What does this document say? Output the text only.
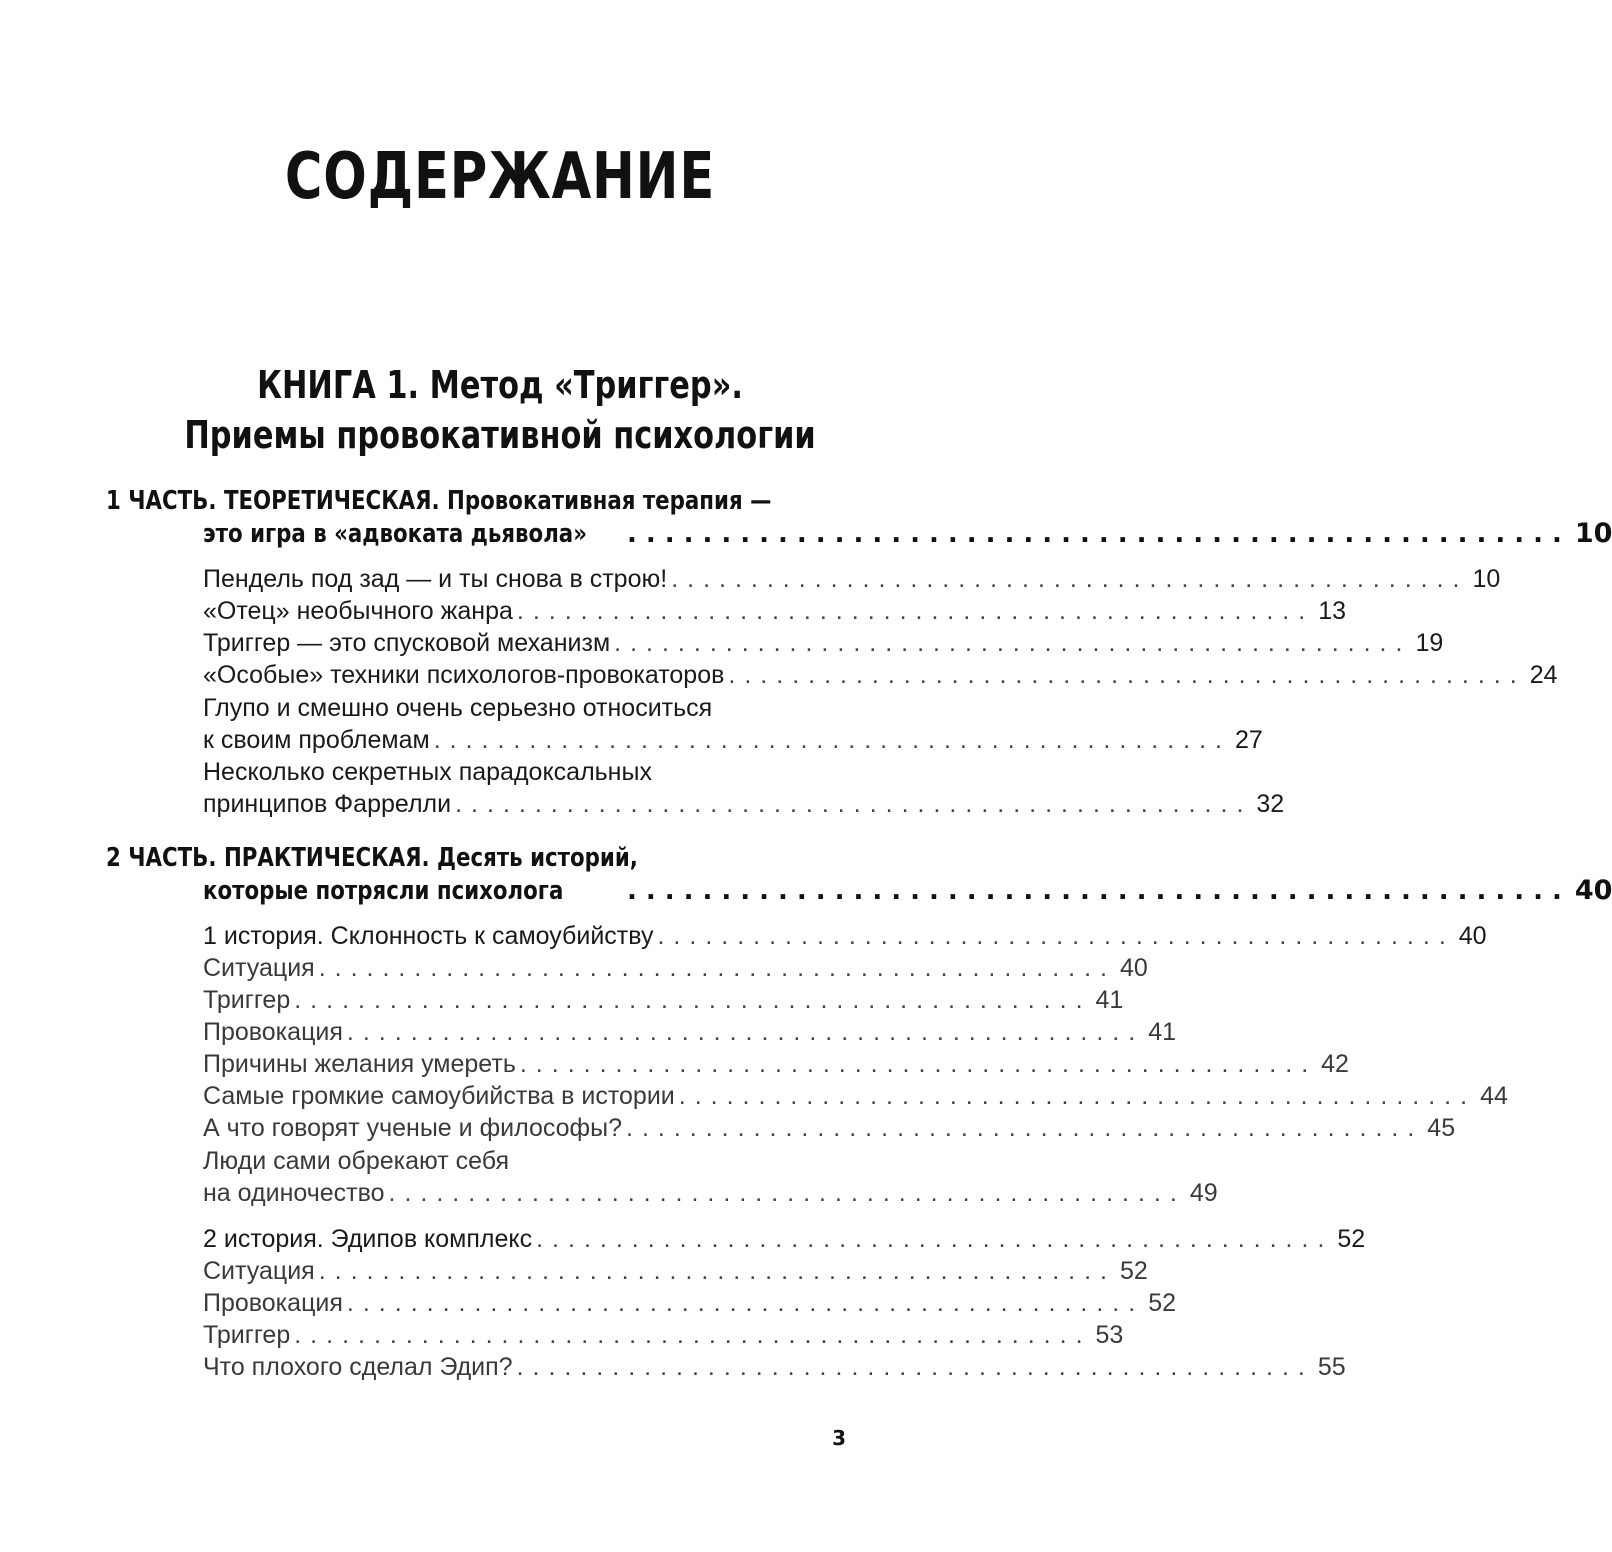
СОДЕРЖАНИЕ
КНИГА 1. Метод «Триггер».
Приемы провокативной психологии
1 ЧАСТЬ. ТЕОРЕТИЧЕСКАЯ. Провокативная терапия —
это игра в «адвоката дьявола» .................................................. 10
Пендель под зад — и ты снова в строю! .................................................. 10
«Отец» необычного жанра .................................................. 13
Триггер — это спусковой механизм .................................................. 19
«Особые» техники психологов-провокаторов .................................................. 24
Глупо и смешно очень серьезно относиться
к своим проблемам .................................................. 27
Несколько секретных парадоксальных
принципов Фаррелли .................................................. 32
2 ЧАСТЬ. ПРАКТИЧЕСКАЯ. Десять историй,
которые потрясли психолога .................................................. 40
1 история. Склонность к самоубийству .................................................. 40
Ситуация .................................................. 40
Триггер .................................................. 41
Провокация .................................................. 41
Причины желания умереть .................................................. 42
Самые громкие самоубийства в истории .................................................. 44
А что говорят ученые и философы? .................................................. 45
Люди сами обрекают себя
на одиночество .................................................. 49
2 история. Эдипов комплекс .................................................. 52
Ситуация .................................................. 52
Провокация .................................................. 52
Триггер .................................................. 53
Что плохого сделал Эдип? .................................................. 55
3
